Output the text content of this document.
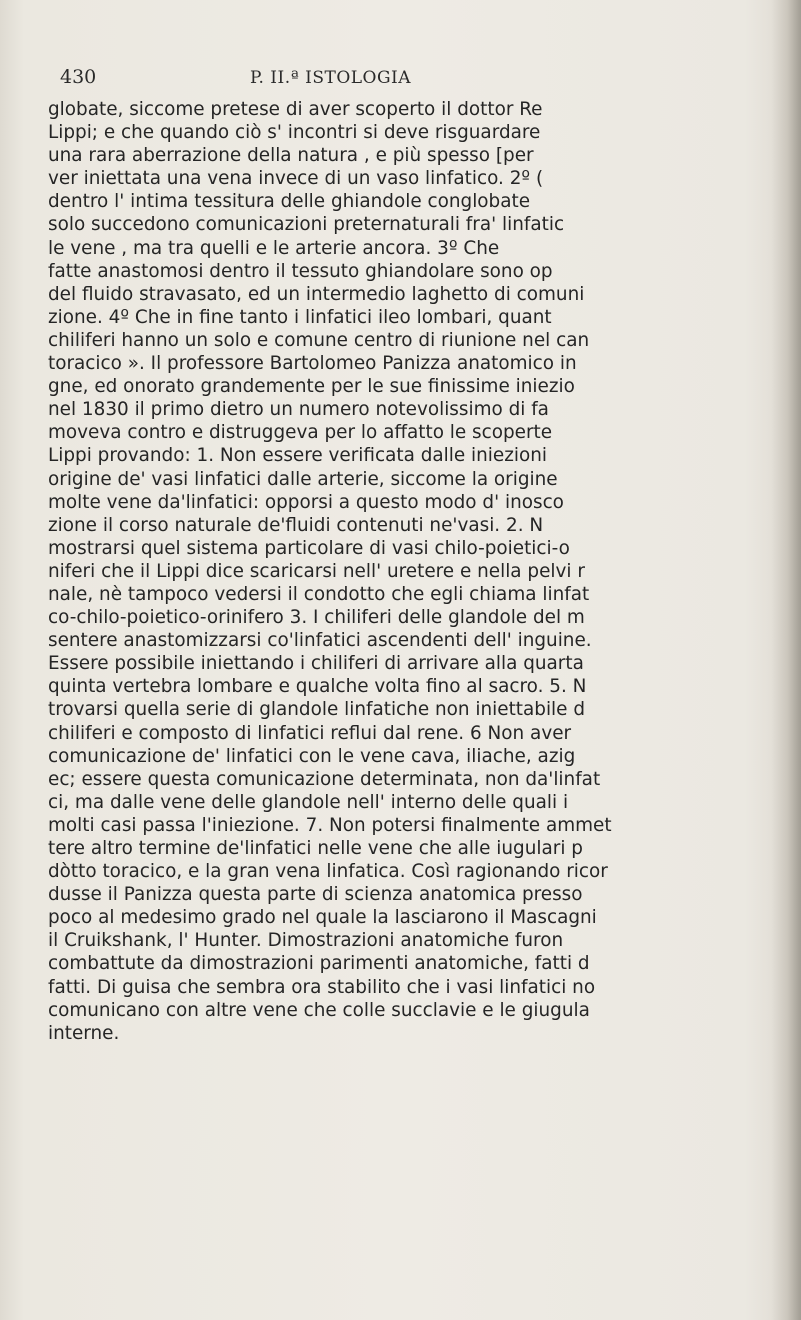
430	P. II.ª ISTOLOGIA
globate, siccome pretese di aver scoperto il dottor Re
Lippi; e che quando ciò s' incontri si deve risguardare
una rara aberrazione della natura , e più spesso [per
ver iniettata una vena invece di un vaso linfatico. 2º (
dentro l' intima tessitura delle ghiandole conglobate
solo succedono comunicazioni preternaturali fra' linfatic
le vene , ma tra quelli e le arterie ancora. 3º Che
fatte anastomosi dentro il tessuto ghiandolare sono op
del fluido stravasato, ed un intermedio laghetto di comuni
zione. 4º Che in fine tanto i linfatici ileo lombari, quant
chiliferi hanno un solo e comune centro di riunione nel can
toracico ». Il professore Bartolomeo Panizza anatomico in
gne, ed onorato grandemente per le sue finissime iniezio
nel 1830 il primo dietro un numero notevolissimo di fa
moveva contro e distruggeva per lo affatto le scoperte
Lippi provando: 1. Non essere verificata dalle iniezioni
origine de' vasi linfatici dalle arterie, siccome la origine
molte vene da'linfatici: opporsi a questo modo d' inosco
zione il corso naturale de'fluidi contenuti ne'vasi. 2. N
mostrarsi quel sistema particolare di vasi chilo-poietici-o
niferi che il Lippi dice scaricarsi nell' uretere e nella pelvi r
nale, nè tampoco vedersi il condotto che egli chiama linfat
co-chilo-poietico-orinifero 3. I chiliferi delle glandole del m
sentere anastomizzarsi co'linfatici ascendenti dell' inguine.
Essere possibile iniettando i chiliferi di arrivare alla quarta
quinta vertebra lombare e qualche volta fino al sacro. 5. N
trovarsi quella serie di glandole linfatiche non iniettabile d
chiliferi e composto di linfatici reflui dal rene. 6 Non aver
comunicazione de' linfatici con le vene cava, iliache, azig
ec; essere questa comunicazione determinata, non da'linfat
ci, ma dalle vene delle glandole nell' interno delle quali i
molti casi passa l'iniezione. 7. Non potersi finalmente ammet
tere altro termine de'linfatici nelle vene che alle iugulari p
dòtto toracico, e la gran vena linfatica. Così ragionando ricor
dusse il Panizza questa parte di scienza anatomica presso
poco al medesimo grado nel quale la lasciarono il Mascagni
il Cruikshank, l' Hunter. Dimostrazioni anatomiche furon
combattute da dimostrazioni parimenti anatomiche, fatti d
fatti. Di guisa che sembra ora stabilito che i vasi linfatici no
comunicano con altre vene che colle succlavie e le giugula
interne.
